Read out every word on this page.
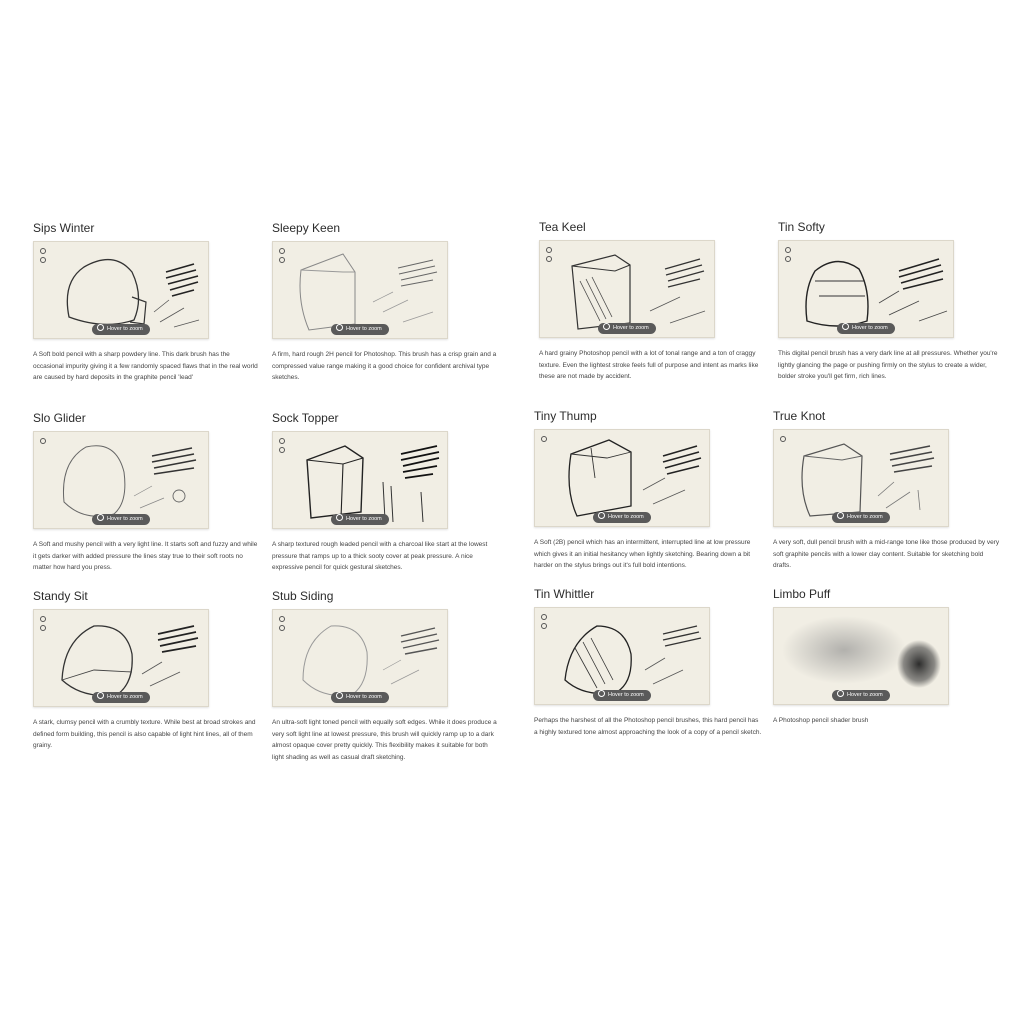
Sips Winter
Hover to zoom
A Soft bold pencil with a sharp powdery line. This dark brush has the occasional impurity giving it a few randomly spaced flaws that in the real world are caused by hard deposits in the graphite pencil 'lead'
Sleepy Keen
Hover to zoom
A firm, hard rough 2H pencil for Photoshop. This brush has a crisp grain and a compressed value range making it a good choice for confident archival type sketches.
Tea Keel
Hover to zoom
A hard grainy Photoshop pencil with a lot of tonal range and a ton of craggy texture. Even the lightest stroke feels full of purpose and intent as marks like these are not made by accident.
Tin Softy
Hover to zoom
This digital pencil brush has a very dark line at all pressures. Whether you're lightly glancing the page or pushing firmly on the stylus to create a wider, bolder stroke you'll get firm, rich lines.
Slo Glider
Hover to zoom
A Soft and mushy pencil with a very light line. It starts soft and fuzzy and while it gets darker with added pressure the lines stay true to their soft roots no matter how hard you press.
Sock Topper
Hover to zoom
A sharp textured rough leaded pencil with a charcoal like start at the lowest pressure that ramps up to a thick sooty cover at peak pressure. A nice expressive pencil for quick gestural sketches.
Tiny Thump
Hover to zoom
A Soft (2B) pencil which has an intermittent, interrupted line at low pressure which gives it an initial hesitancy when lightly sketching. Bearing down a bit harder on the stylus brings out it's full bold intentions.
True Knot
Hover to zoom
A very soft, dull pencil brush with a mid-range tone like those produced by very soft graphite pencils with a lower clay content. Suitable for sketching bold drafts.
Standy Sit
Hover to zoom
A stark, clumsy pencil with a crumbly texture. While best at broad strokes and defined form building, this pencil is also capable of light hint lines, all of them grainy.
Stub Siding
Hover to zoom
An ultra-soft light toned pencil with equally soft edges. While it does produce a very soft light line at lowest pressure, this brush will quickly ramp up to a dark almost opaque cover pretty quickly. This flexibility makes it suitable for both light shading as well as casual draft sketching.
Tin Whittler
Hover to zoom
Perhaps the harshest of all the Photoshop pencil brushes, this hard pencil has a highly textured tone almost approaching the look of a copy of a pencil sketch.
Limbo Puff
Hover to zoom
A Photoshop pencil shader brush
